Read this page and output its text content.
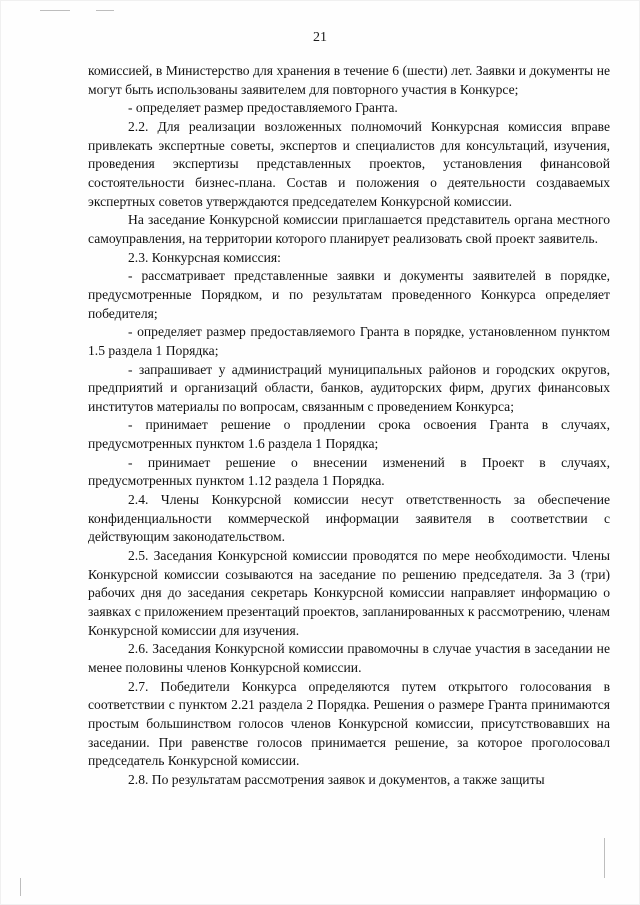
21

комиссией, в Министерство для хранения в течение 6 (шести) лет. Заявки и документы не могут быть использованы заявителем для повторного участия в Конкурсе;

- определяет размер предоставляемого Гранта.

2.2. Для реализации возложенных полномочий Конкурсная комиссия вправе привлекать экспертные советы, экспертов и специалистов для консультаций, изучения, проведения экспертизы представленных проектов, установления финансовой состоятельности бизнес-плана. Состав и положения о деятельности создаваемых экспертных советов утверждаются председателем Конкурсной комиссии.

На заседание Конкурсной комиссии приглашается представитель органа местного самоуправления, на территории которого планирует реализовать свой проект заявитель.

2.3. Конкурсная комиссия:

- рассматривает представленные заявки и документы заявителей в порядке, предусмотренные Порядком, и по результатам проведенного Конкурса определяет победителя;

- определяет размер предоставляемого Гранта в порядке, установленном пунктом 1.5 раздела 1 Порядка;

- запрашивает у администраций муниципальных районов и городских округов, предприятий и организаций области, банков, аудиторских фирм, других финансовых институтов материалы по вопросам, связанным с проведением Конкурса;

- принимает решение о продлении срока освоения Гранта в случаях, предусмотренных пунктом 1.6 раздела 1 Порядка;

- принимает решение о внесении изменений в Проект в случаях, предусмотренных пунктом 1.12 раздела 1 Порядка.

2.4. Члены Конкурсной комиссии несут ответственность за обеспечение конфиденциальности коммерческой информации заявителя в соответствии с действующим законодательством.

2.5. Заседания Конкурсной комиссии проводятся по мере необходимости. Члены Конкурсной комиссии созываются на заседание по решению председателя. За 3 (три) рабочих дня до заседания секретарь Конкурсной комиссии направляет информацию о заявках с приложением презентаций проектов, запланированных к рассмотрению, членам Конкурсной комиссии для изучения.

2.6. Заседания Конкурсной комиссии правомочны в случае участия в заседании не менее половины членов Конкурсной комиссии.

2.7. Победители Конкурса определяются путем открытого голосования в соответствии с пунктом 2.21 раздела 2 Порядка. Решения о размере Гранта принимаются простым большинством голосов членов Конкурсной комиссии, присутствовавших на заседании. При равенстве голосов принимается решение, за которое проголосовал председатель Конкурсной комиссии.

2.8. По результатам рассмотрения заявок и документов, а также защиты
